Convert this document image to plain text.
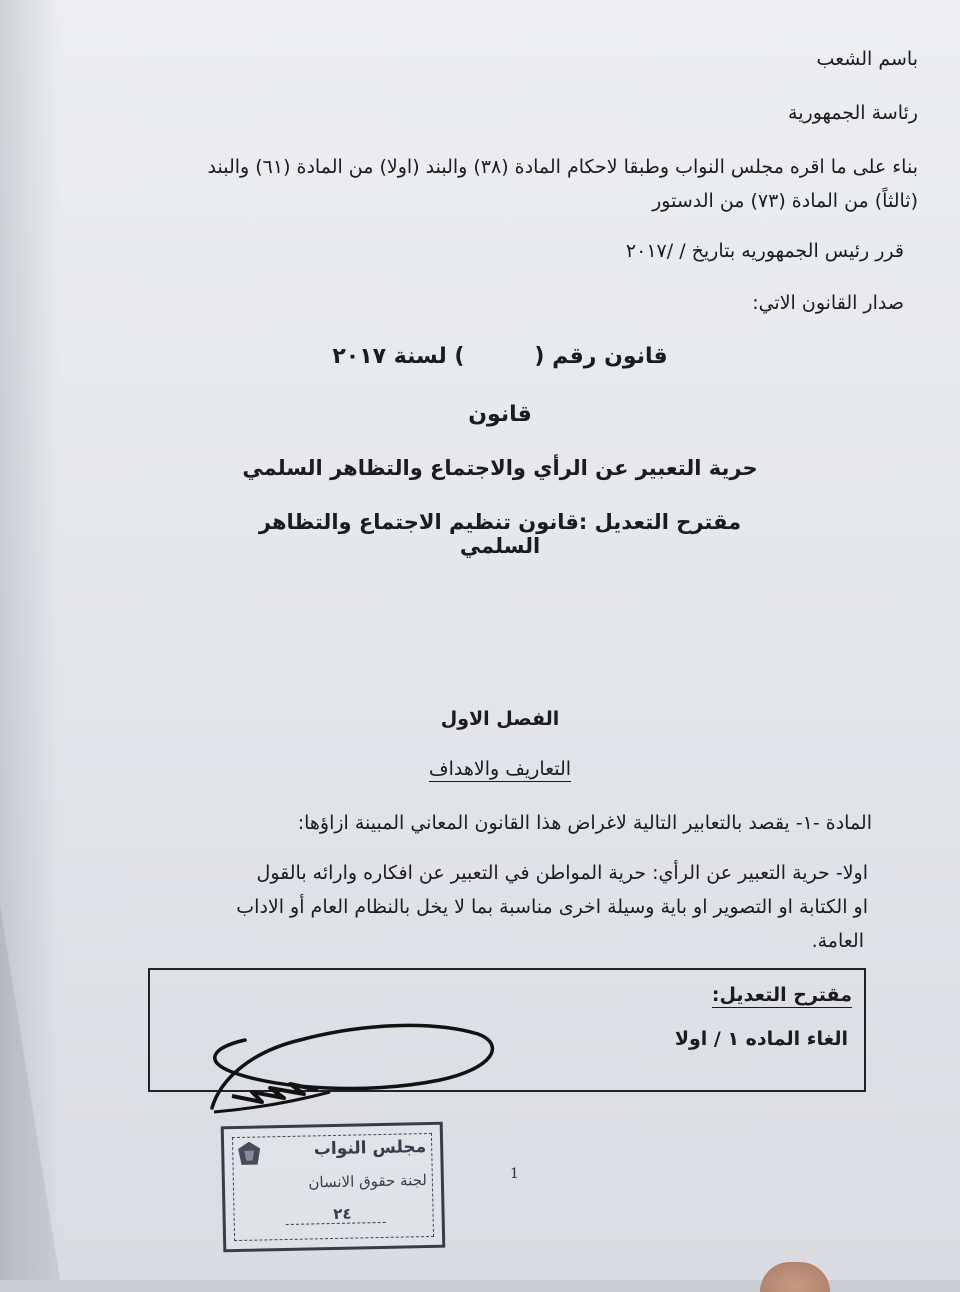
باسم الشعب
رئاسة الجمهورية
بناء على ما اقره مجلس النواب وطبقا لاحكام المادة (٣٨) والبند (اولا) من المادة (٦١) والبند
(ثالثاً) من المادة (٧٣) من الدستور
قرر رئيس الجمهوريه بتاريخ / /٢٠١٧
صدار القانون الاتي:
قانون رقم () لسنة ٢٠١٧
قانون
حرية التعبير عن الرأي والاجتماع والتظاهر السلمي
مقترح التعديل :قانون تنظيم الاجتماع والتظاهر السلمي
الفصل الاول
التعاريف والاهداف
المادة -١- يقصد بالتعابير التالية لاغراض هذا القانون المعاني المبينة ازاؤها:
اولا- حرية التعبير عن الرأي: حرية المواطن في التعبير عن افكاره وارائه بالقول
او الكتابة او التصوير او باية وسيلة اخرى مناسبة بما لا يخل بالنظام العام أو الاداب
العامة.
مقترح التعديل:
الغاء الماده ١ / اولا
مجلس النواب
لجنة حقوق الانسان
٢٤
1
